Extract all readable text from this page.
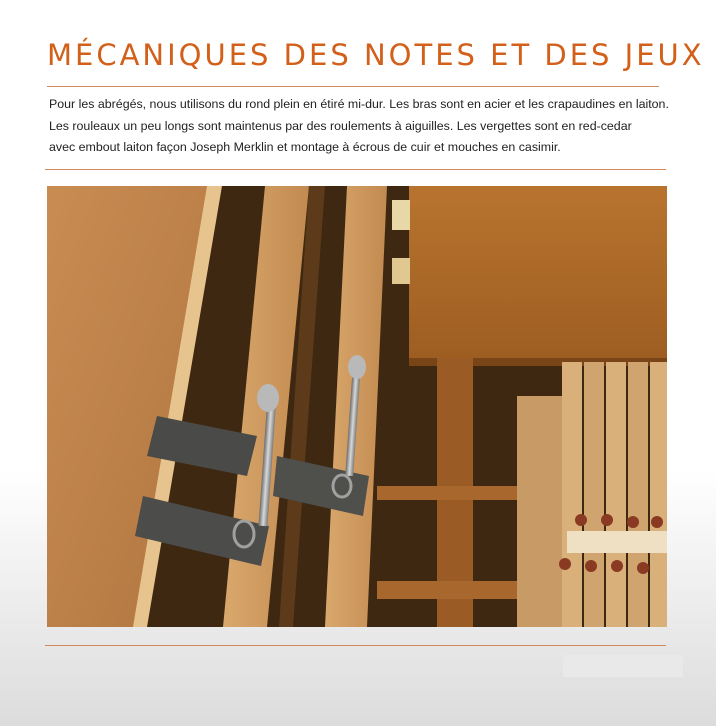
MÉCANIQUES DES NOTES ET DES JEUX

Pour les abrégés, nous utilisons du rond plein en étiré mi-dur. Les bras sont en acier et les crapaudines en laiton.
Les rouleaux un peu longs sont maintenus par des roulements à aiguilles. Les vergettes sont en red-cedar
avec embout laiton façon Joseph Merklin et montage à écrous de cuir et mouches en casimir.
